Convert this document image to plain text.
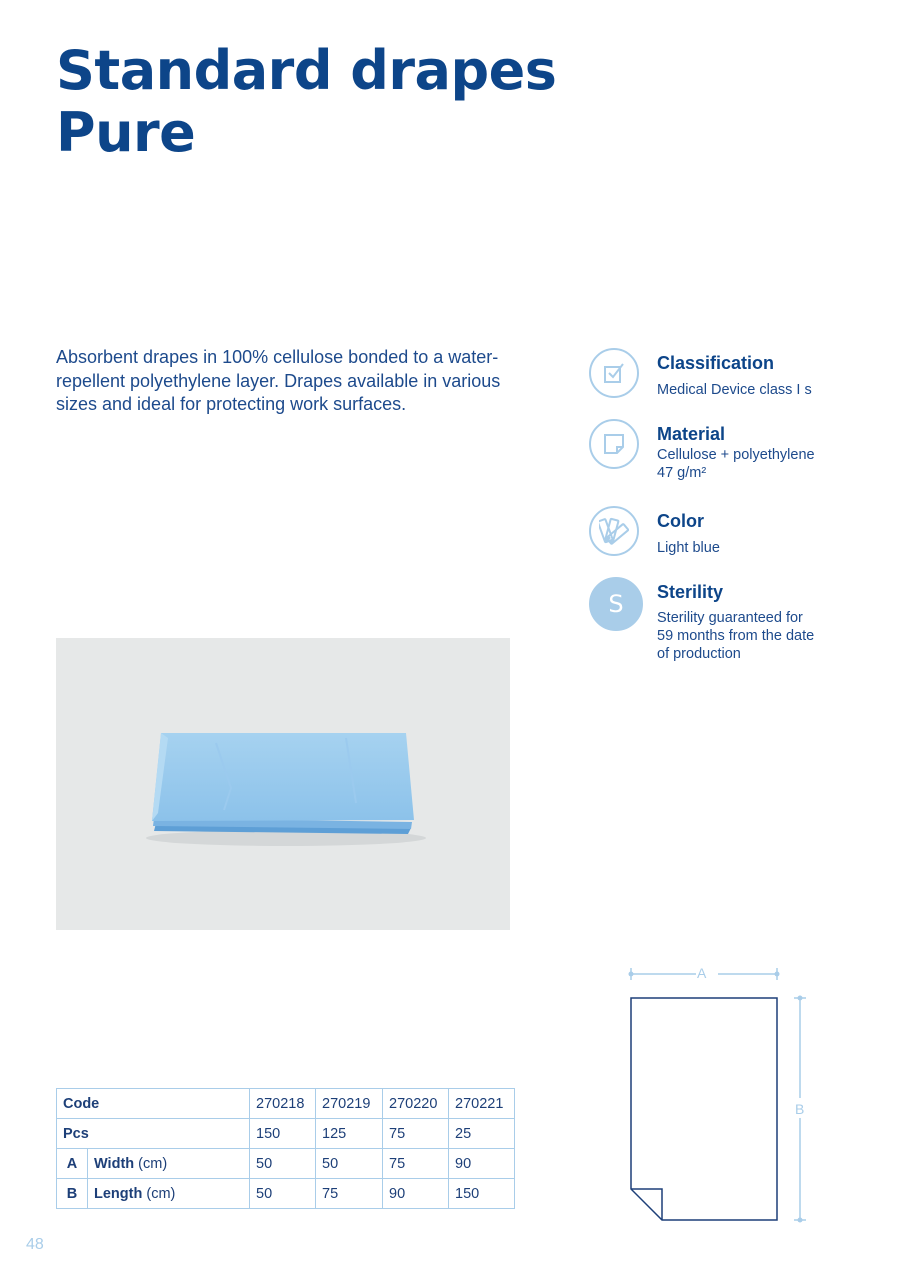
Standard drapes
Pure

Absorbent drapes in 100% cellulose bonded to a water-repellent polyethylene layer. Drapes available in various sizes and ideal for protecting work surfaces.

Classification
Medical Device class I s
Material
Cellulose + polyethylene
47 g/m²
Color
Light blue
S Sterility
Sterility guaranteed for
59 months from the date
of production
A
B
Code		270218	270219	270220	270221
Pcs		150	125	75	25
A	Width (cm)	50	50	75	90
B	Length (cm)	50	75	90	150
48
